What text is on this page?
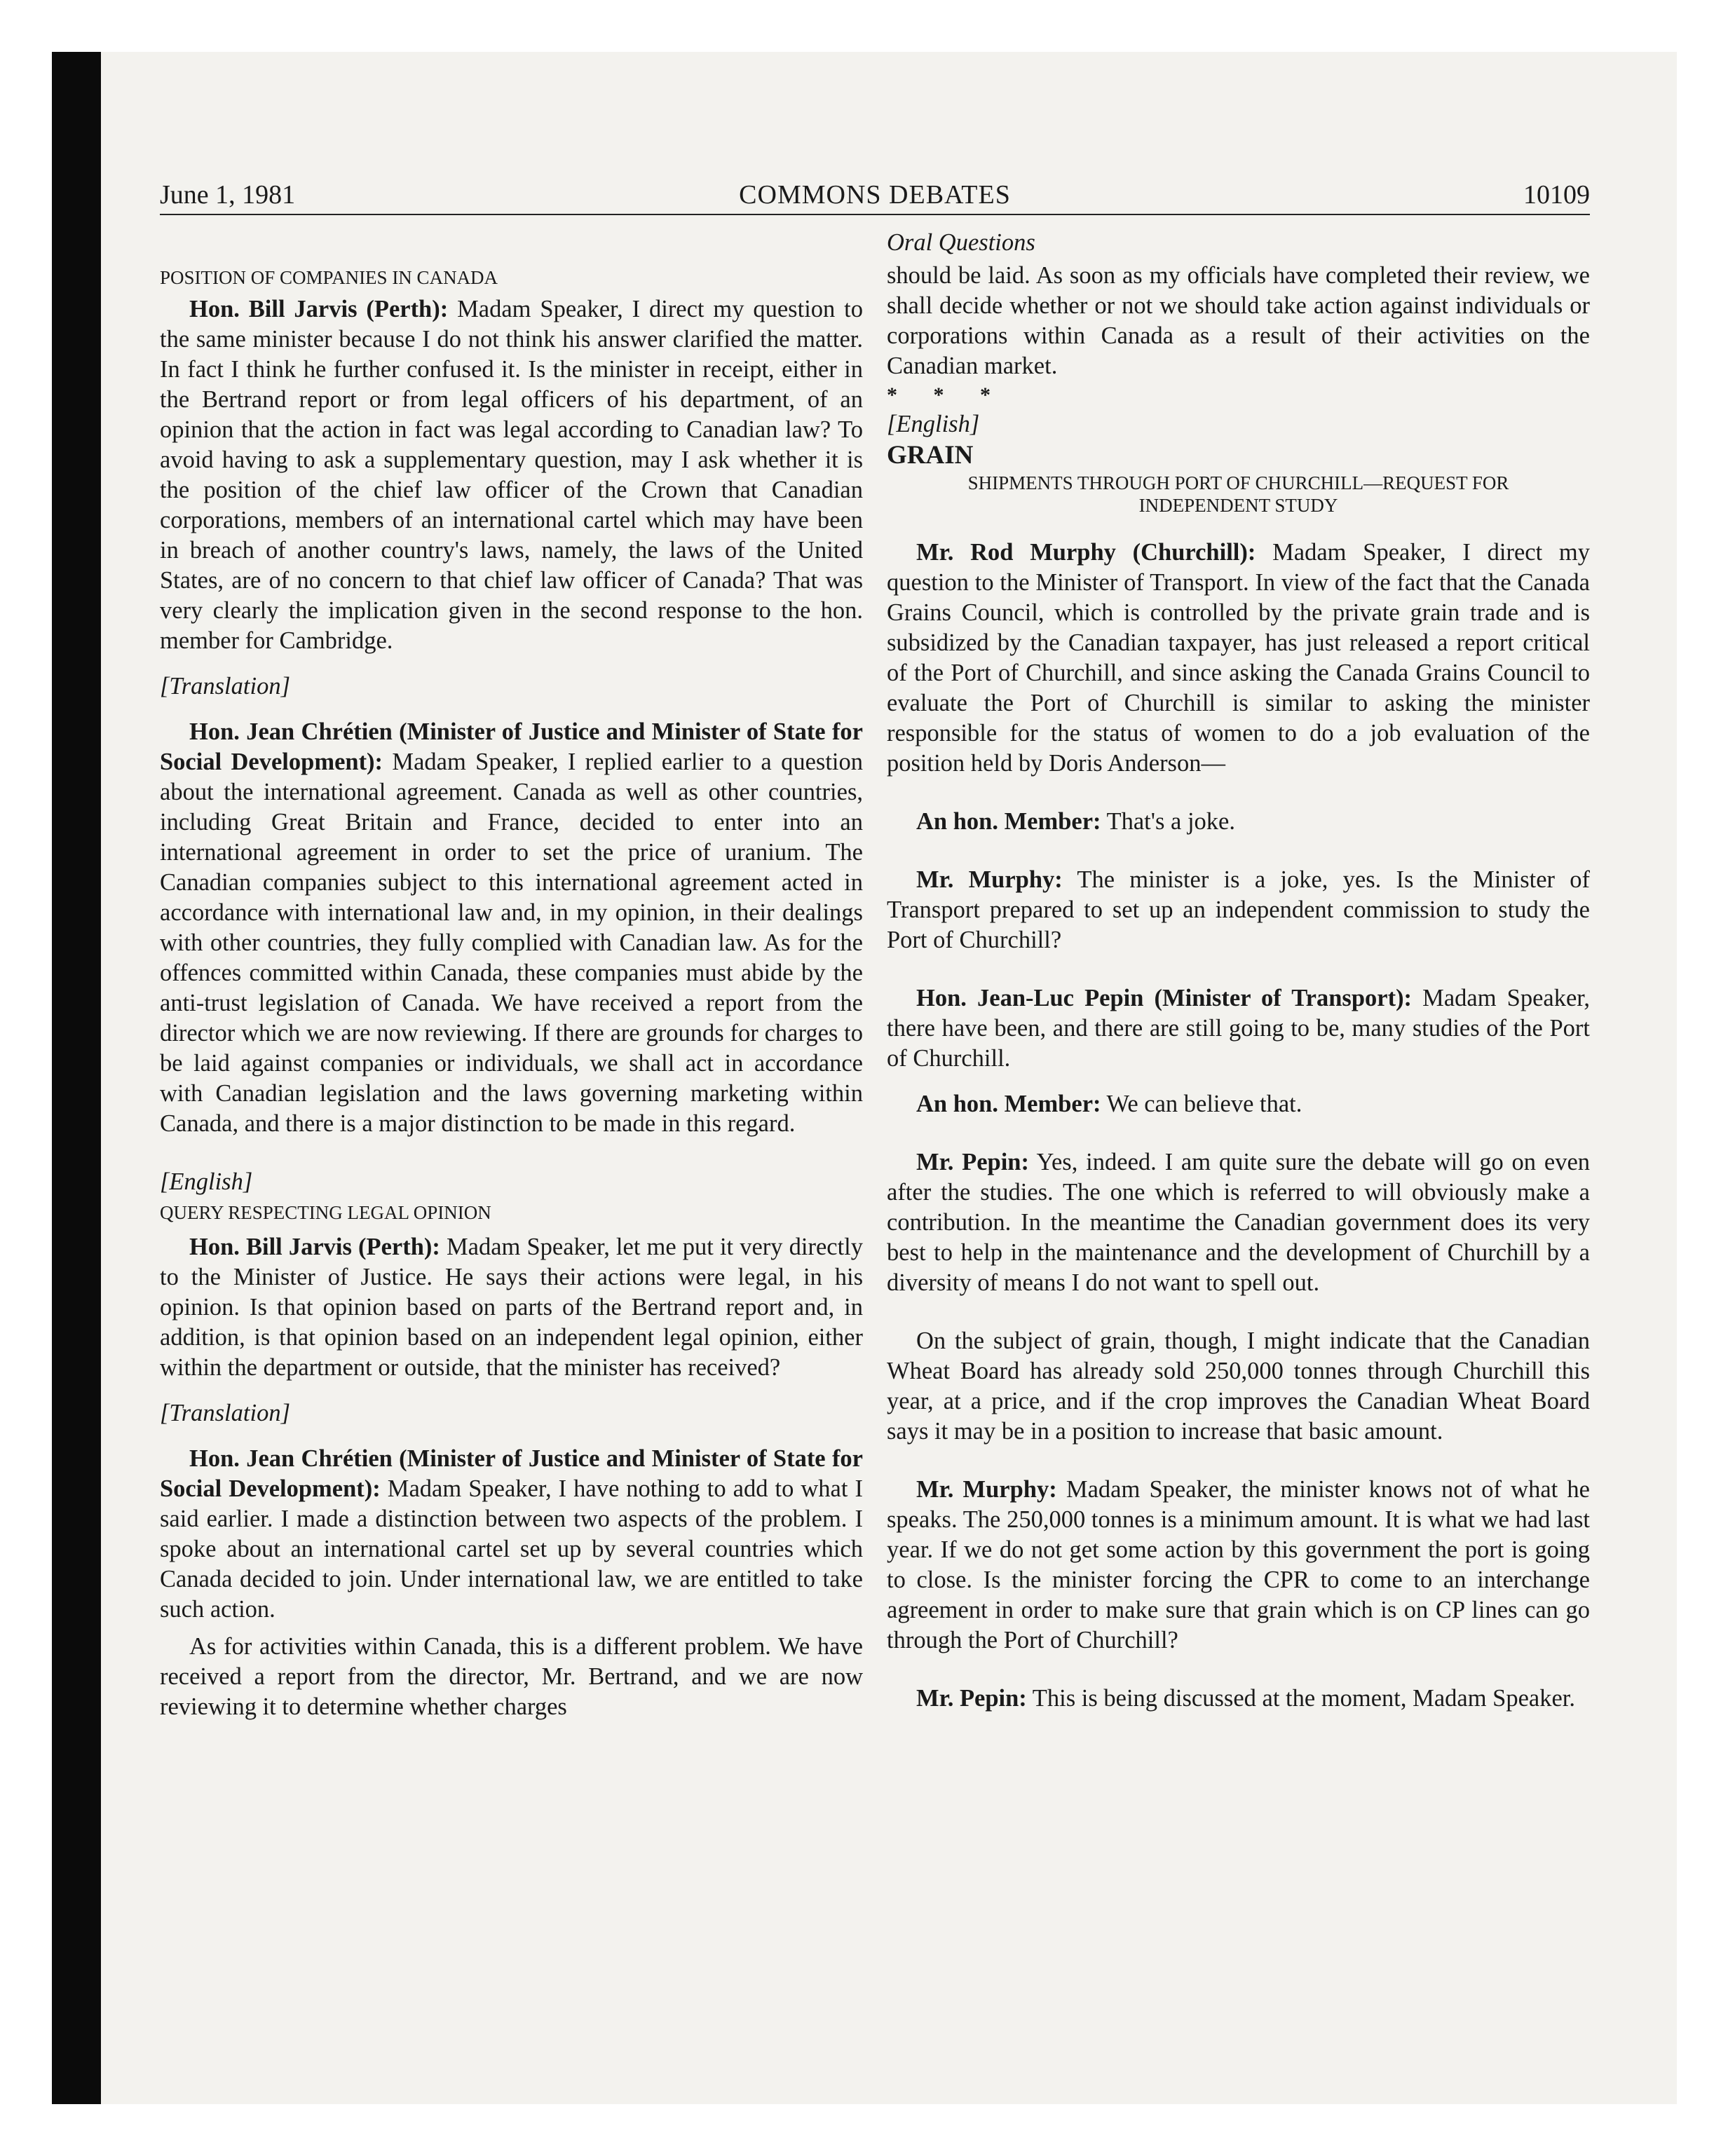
June 1, 1981	COMMONS DEBATES	10109

POSITION OF COMPANIES IN CANADA

Hon. Bill Jarvis (Perth): Madam Speaker, I direct my question to the same minister because I do not think his answer clarified the matter. In fact I think he further confused it. Is the minister in receipt, either in the Bertrand report or from legal officers of his department, of an opinion that the action in fact was legal according to Canadian law? To avoid having to ask a supplementary question, may I ask whether it is the position of the chief law officer of the Crown that Canadian corporations, members of an international cartel which may have been in breach of another country's laws, namely, the laws of the United States, are of no concern to that chief law officer of Canada? That was very clearly the implication given in the second response to the hon. member for Cambridge.

[Translation]

Hon. Jean Chrétien (Minister of Justice and Minister of State for Social Development): Madam Speaker, I replied earlier to a question about the international agreement. Canada as well as other countries, including Great Britain and France, decided to enter into an international agreement in order to set the price of uranium. The Canadian companies subject to this international agreement acted in accordance with international law and, in my opinion, in their dealings with other countries, they fully complied with Canadian law. As for the offences committed within Canada, these companies must abide by the anti-trust legislation of Canada. We have received a report from the director which we are now reviewing. If there are grounds for charges to be laid against companies or individuals, we shall act in accordance with Canadian legislation and the laws governing marketing within Canada, and there is a major distinction to be made in this regard.

[English]

QUERY RESPECTING LEGAL OPINION

Hon. Bill Jarvis (Perth): Madam Speaker, let me put it very directly to the Minister of Justice. He says their actions were legal, in his opinion. Is that opinion based on parts of the Bertrand report and, in addition, is that opinion based on an independent legal opinion, either within the department or outside, that the minister has received?

[Translation]

Hon. Jean Chrétien (Minister of Justice and Minister of State for Social Development): Madam Speaker, I have nothing to add to what I said earlier. I made a distinction between two aspects of the problem. I spoke about an international cartel set up by several countries which Canada decided to join. Under international law, we are entitled to take such action.

As for activities within Canada, this is a different problem. We have received a report from the director, Mr. Bertrand, and we are now reviewing it to determine whether charges

Oral Questions

should be laid. As soon as my officials have completed their review, we shall decide whether or not we should take action against individuals or corporations within Canada as a result of their activities on the Canadian market.

* * *

[English]

GRAIN

SHIPMENTS THROUGH PORT OF CHURCHILL—REQUEST FOR
INDEPENDENT STUDY

Mr. Rod Murphy (Churchill): Madam Speaker, I direct my question to the Minister of Transport. In view of the fact that the Canada Grains Council, which is controlled by the private grain trade and is subsidized by the Canadian taxpayer, has just released a report critical of the Port of Churchill, and since asking the Canada Grains Council to evaluate the Port of Churchill is similar to asking the minister responsible for the status of women to do a job evaluation of the position held by Doris Anderson—

An hon. Member: That's a joke.

Mr. Murphy: The minister is a joke, yes. Is the Minister of Transport prepared to set up an independent commission to study the Port of Churchill?

Hon. Jean-Luc Pepin (Minister of Transport): Madam Speaker, there have been, and there are still going to be, many studies of the Port of Churchill.

An hon. Member: We can believe that.

Mr. Pepin: Yes, indeed. I am quite sure the debate will go on even after the studies. The one which is referred to will obviously make a contribution. In the meantime the Canadian government does its very best to help in the maintenance and the development of Churchill by a diversity of means I do not want to spell out.

On the subject of grain, though, I might indicate that the Canadian Wheat Board has already sold 250,000 tonnes through Churchill this year, at a price, and if the crop improves the Canadian Wheat Board says it may be in a position to increase that basic amount.

Mr. Murphy: Madam Speaker, the minister knows not of what he speaks. The 250,000 tonnes is a minimum amount. It is what we had last year. If we do not get some action by this government the port is going to close. Is the minister forcing the CPR to come to an interchange agreement in order to make sure that grain which is on CP lines can go through the Port of Churchill?

Mr. Pepin: This is being discussed at the moment, Madam Speaker.
